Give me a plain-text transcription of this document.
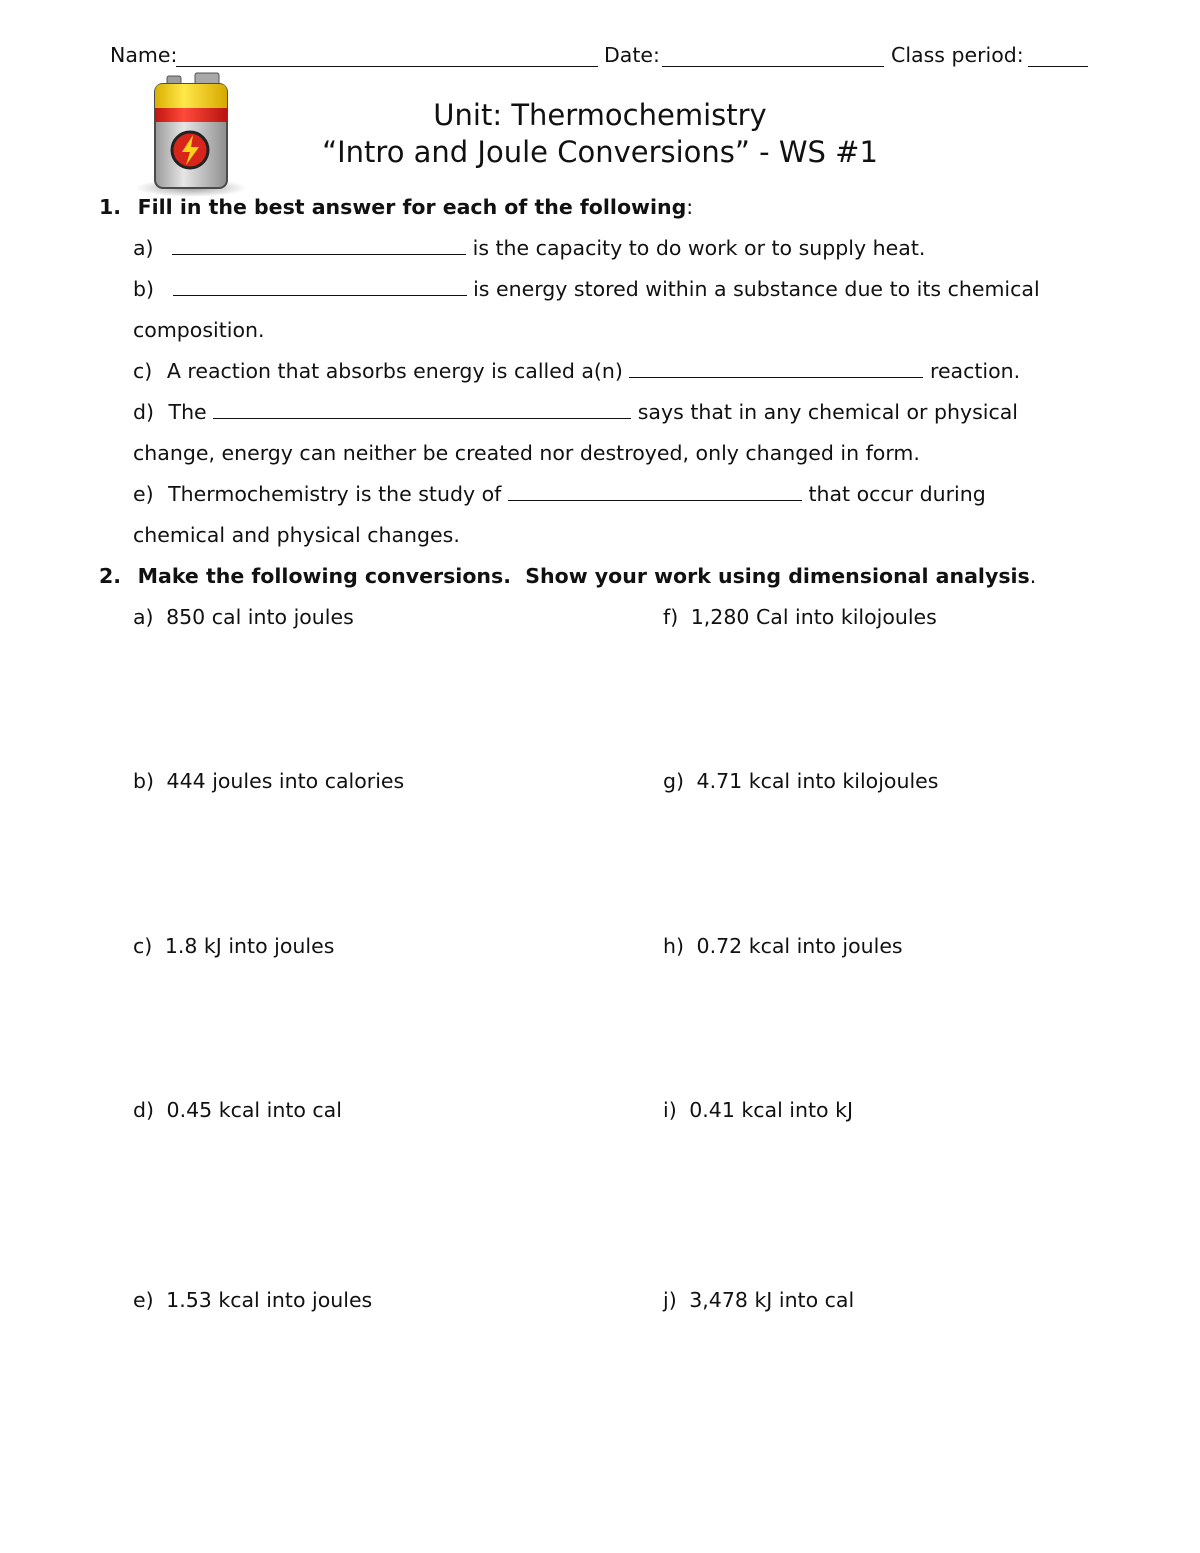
Name:	Date:	Class period:
Unit: Thermochemistry
“Intro and Joule Conversions” - WS #1
1. Fill in the best answer for each of the following:
a)	is the capacity to do work or to supply heat.
b)	is energy stored within a substance due to its chemical
composition.
c) A reaction that absorbs energy is called a(n)	reaction.
d) The	says that in any chemical or physical
change, energy can neither be created nor destroyed, only changed in form.
e) Thermochemistry is the study of	that occur during
chemical and physical changes.
2. Make the following conversions.  Show your work using dimensional analysis.
a) 850 cal into joules
b) 444 joules into calories
c) 1.8 kJ into joules
d) 0.45 kcal into cal
e) 1.53 kcal into joules
f) 1,280 Cal into kilojoules
g) 4.71 kcal into kilojoules
h) 0.72 kcal into joules
i) 0.41 kcal into kJ
j) 3,478 kJ into cal
